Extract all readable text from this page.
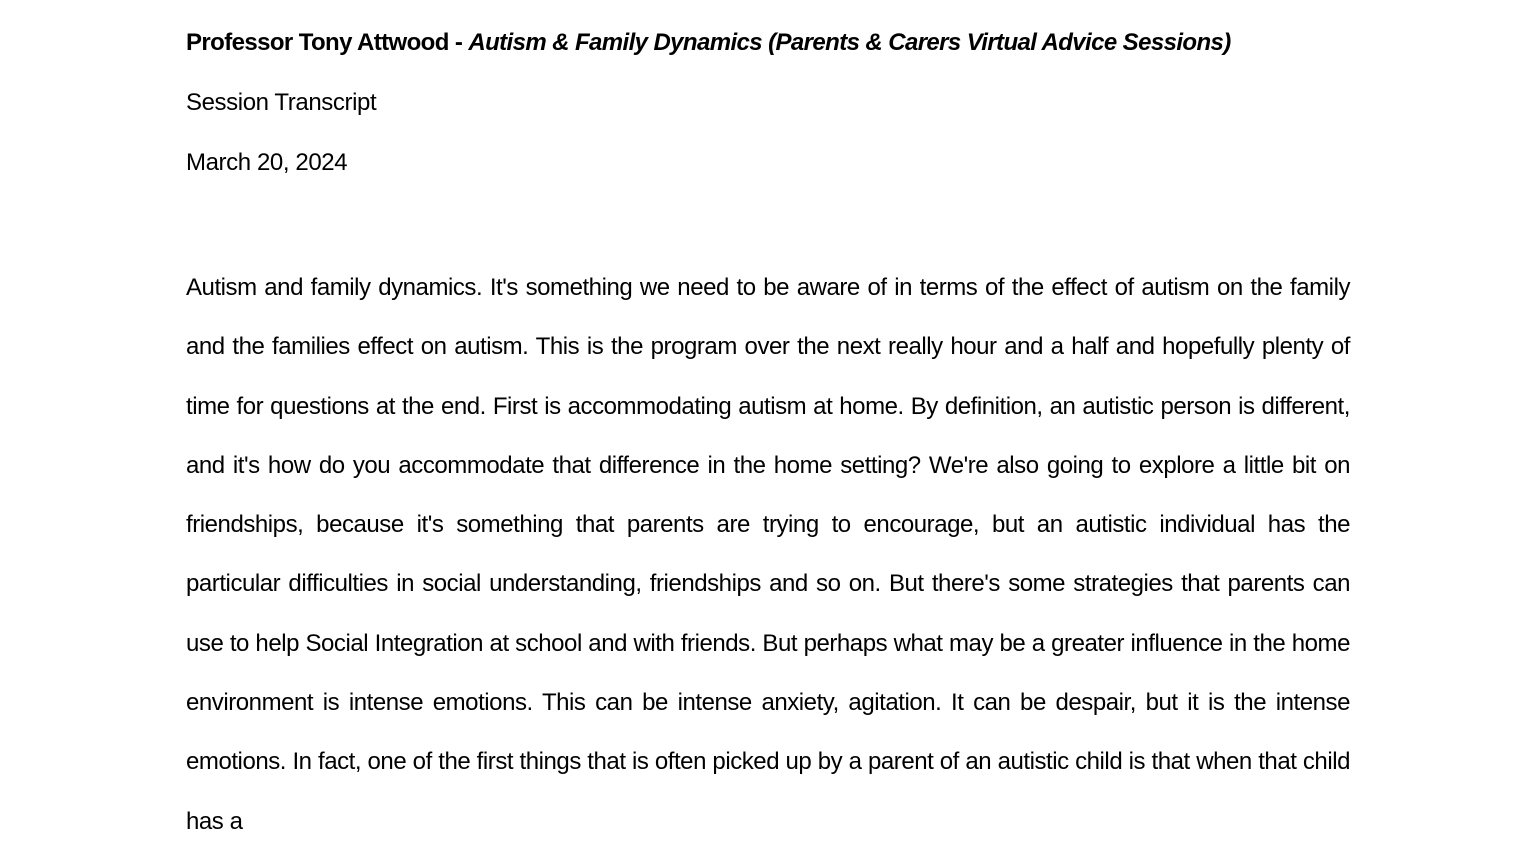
Professor Tony Attwood - Autism & Family Dynamics (Parents & Carers Virtual Advice Sessions)

Session Transcript

March 20, 2024

Autism and family dynamics. It's something we need to be aware of in terms of the effect of autism on the family and the families effect on autism. This is the program over the next really hour and a half and hopefully plenty of time for questions at the end. First is accommodating autism at home. By definition, an autistic person is different, and it's how do you accommodate that difference in the home setting? We're also going to explore a little bit on friendships, because it's something that parents are trying to encourage, but an autistic individual has the particular difficulties in social understanding, friendships and so on. But there's some strategies that parents can use to help Social Integration at school and with friends. But perhaps what may be a greater influence in the home environment is intense emotions. This can be intense anxiety, agitation. It can be despair, but it is the intense emotions. In fact, one of the first things that is often picked up by a parent of an autistic child is that when that child has a
